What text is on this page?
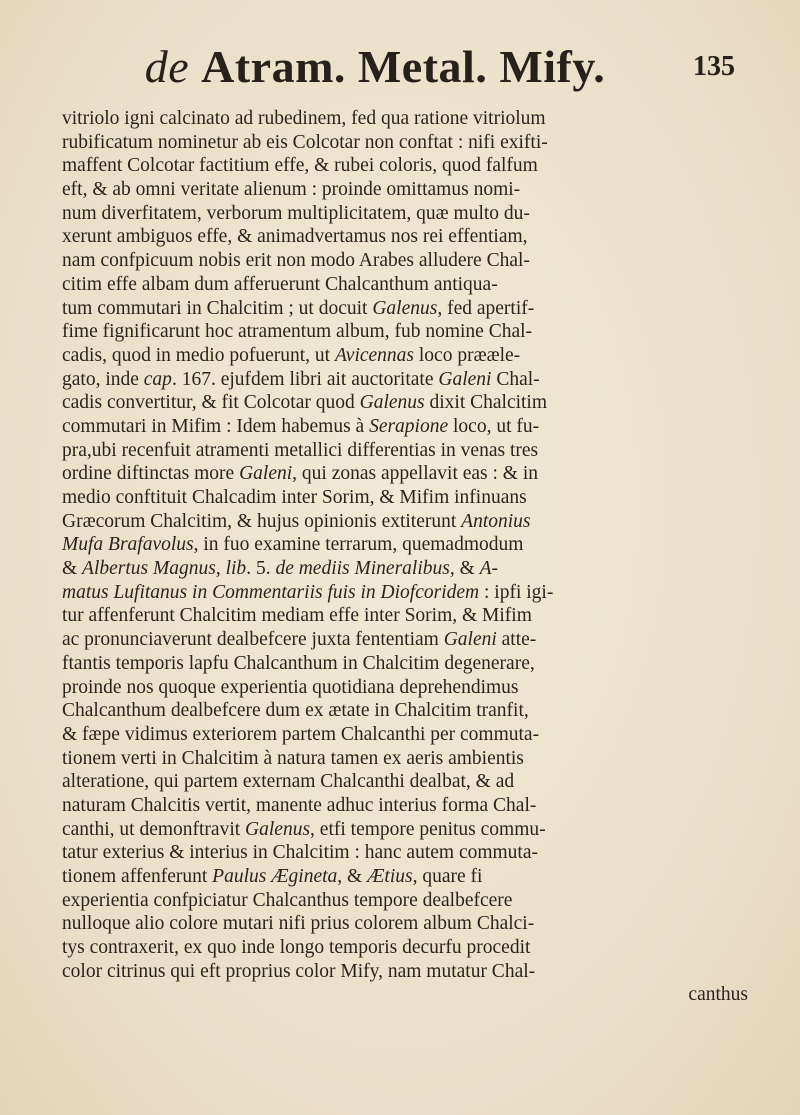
de Atram. Metal. Mify.	135
vitriolo igni calcinato ad rubedinem, fed qua ratione vitriolum
rubificatum nominetur ab eis Colcotar non conftat : nifi exifti-
maffent Colcotar factitium effe, & rubei coloris, quod falfum
eft, & ab omni veritate alienum : proinde omittamus nomi-
num diverfitatem, verborum multiplicitatem, quæ multo du-
xerunt ambiguos effe, & animadvertamus nos rei effentiam,
nam confpicuum nobis erit non modo Arabes alludere Chal-
citim effe albam dum afferuerunt Chalcanthum antiqua-
tum commutari in Chalcitim ; ut docuit Galenus, fed apertif-
fime fignificarunt hoc atramentum album, fub nomine Chal-
cadis, quod in medio pofuerunt, ut Avicennas loco prææle-
gato, inde cap. 167. ejufdem libri ait auctoritate Galeni Chal-
cadis convertitur, & fit Colcotar quod Galenus dixit Chalcitim
commutari in Mifim : Idem habemus à Serapione loco, ut fu-
pra,ubi recenfuit atramenti metallici differentias in venas tres
ordine diftinctas more Galeni, qui zonas appellavit eas : & in
medio conftituit Chalcadim inter Sorim, & Mifim infinuans
Græcorum Chalcitim, & hujus opinionis extiterunt Antonius
Mufa Brafavolus, in fuo examine terrarum, quemadmodum
& Albertus Magnus, lib. 5. de mediis Mineralibus, & A-
matus Lufitanus in Commentariis fuis in Diofcoridem : ipfi igi-
tur affenferunt Chalcitim mediam effe inter Sorim, & Mifim
ac pronunciaverunt dealbefcere juxta fententiam Galeni atte-
ftantis temporis lapfu Chalcanthum in Chalcitim degenerare,
proinde nos quoque experientia quotidiana deprehendimus
Chalcanthum dealbefcere dum ex ætate in Chalcitim tranfit,
& fæpe vidimus exteriorem partem Chalcanthi per commuta-
tionem verti in Chalcitim à natura tamen ex aeris ambientis
alteratione, qui partem externam Chalcanthi dealbat, & ad
naturam Chalcitis vertit, manente adhuc interius forma Chal-
canthi, ut demonftravit Galenus, etfi tempore penitus commu-
tatur exterius & interius in Chalcitim : hanc autem commuta-
tionem affenferunt Paulus Ægineta, & Ætius, quare fi
experientia confpiciatur Chalcanthus tempore dealbefcere
nulloque alio colore mutari nifi prius colorem album Chalci-
tys contraxerit, ex quo inde longo temporis decurfu procedit
color citrinus qui eft proprius color Mify, nam mutatur Chal-
canthus
